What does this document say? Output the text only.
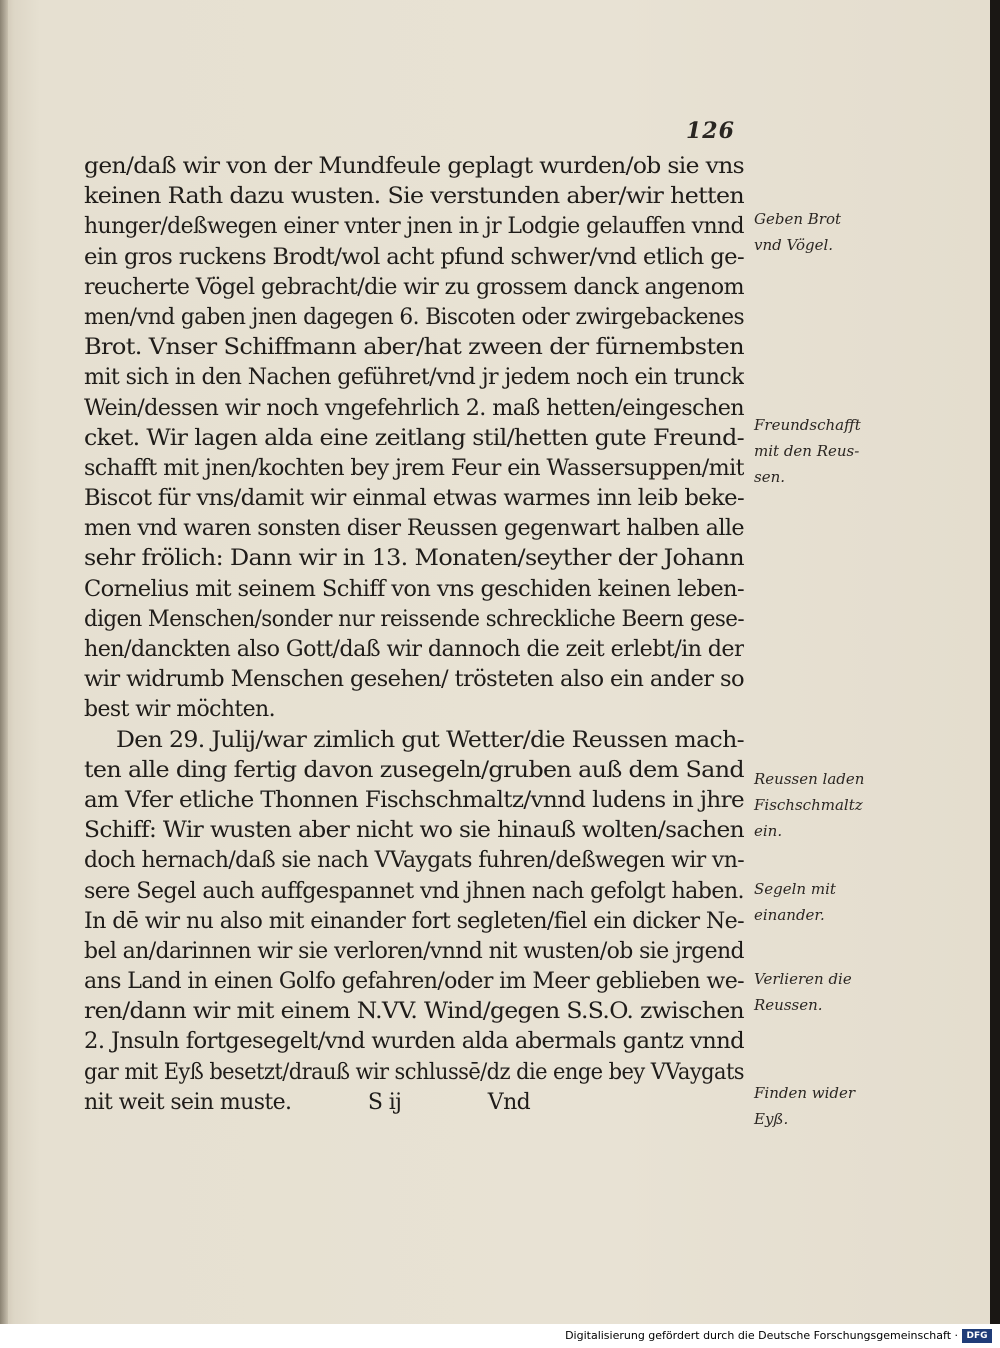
126
gen/daß wir von der Mundfeule geplagt wurden/ob sie vns
keinen Rath dazu wusten. Sie verstunden aber/wir hetten
hunger/deßwegen einer vnter jnen in jr Lodgie gelauffen vnnd
ein gros ruckens Brodt/wol acht pfund schwer/vnd etlich ge-
reucherte Vögel gebracht/die wir zu grossem danck angenom
men/vnd gaben jnen dagegen 6. Biscoten oder zwirgebackenes
Brot. Vnser Schiffmann aber/hat zween der fürnembsten
mit sich in den Nachen geführet/vnd jr jedem noch ein trunck
Wein/dessen wir noch vngefehrlich 2. maß hetten/eingeschen
cket. Wir lagen alda eine zeitlang stil/hetten gute Freund-
schafft mit jnen/kochten bey jrem Feur ein Wassersuppen/mit
Biscot für vns/damit wir einmal etwas warmes inn leib beke-
men vnd waren sonsten diser Reussen gegenwart halben alle
sehr frölich: Dann wir in 13. Monaten/seyther der Johann
Cornelius mit seinem Schiff von vns geschiden keinen leben-
digen Menschen/sonder nur reissende schreckliche Beern gese-
hen/danckten also Gott/daß wir dannoch die zeit erlebt/in der
wir widrumb Menschen gesehen/ trösteten also ein ander so
best wir möchten.
Den 29. Julij/war zimlich gut Wetter/die Reussen mach-
ten alle ding fertig davon zusegeln/gruben auß dem Sand
am Vfer etliche Thonnen Fischschmaltz/vnnd ludens in jhre
Schiff: Wir wusten aber nicht wo sie hinauß wolten/sachen
doch hernach/daß sie nach VVaygats fuhren/deßwegen wir vn-
sere Segel auch auffgespannet vnd jhnen nach gefolgt haben.
In dē wir nu also mit einander fort segleten/fiel ein dicker Ne-
bel an/darinnen wir sie verloren/vnnd nit wusten/ob sie jrgend
ans Land in einen Golfo gefahren/oder im Meer geblieben we-
ren/dann wir mit einem N.VV. Wind/gegen S.S.O. zwischen
2. Jnsuln fortgesegelt/vnd wurden alda abermals gantz vnnd
gar mit Eyß besetzt/drauß wir schlussē/dz die enge bey VVaygats
nit weit sein muste.	S ij	Vnd
Geben Brot
vnd Vögel.
Freundschafft
mit den Reus-
sen.
Reussen laden
Fischschmaltz
ein.
Segeln mit
einander.
Verlieren die
Reussen.
Finden wider
Eyß.
Digitalisierung gefördert durch die Deutsche Forschungsgemeinschaft · DFG
